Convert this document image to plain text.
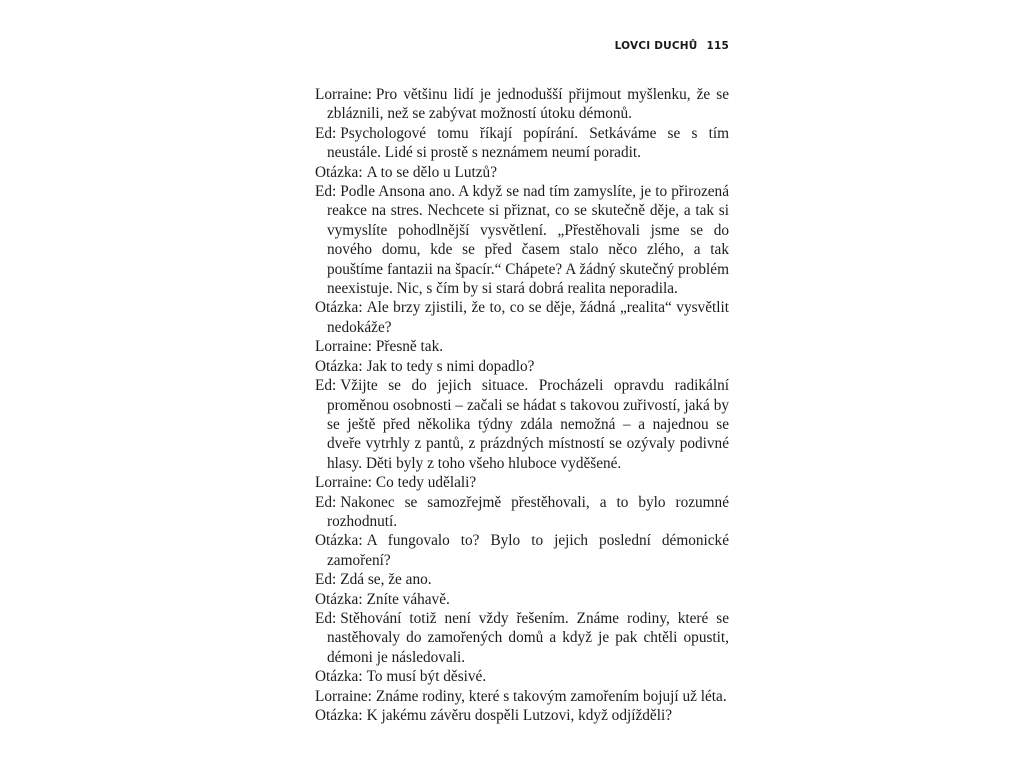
LOVCI DUCHŮ 115

Lorraine: Pro většinu lidí je jednodušší přijmout myšlenku, že se zbláznili, než se zabývat možností útoku démonů.

Ed: Psychologové tomu říkají popírání. Setkáváme se s tím neustále. Lidé si prostě s neznámem neumí poradit.

Otázka: A to se dělo u Lutzů?

Ed: Podle Ansona ano. A když se nad tím zamyslíte, je to přirozená reakce na stres. Nechcete si přiznat, co se skutečně děje, a tak si vymyslíte pohodlnější vysvětlení. „Přestěhovali jsme se do nového domu, kde se před časem stalo něco zlého, a tak pouštíme fantazii na špacír.“ Chápete? A žádný skutečný problém neexistuje. Nic, s čím by si stará dobrá realita neporadila.

Otázka: Ale brzy zjistili, že to, co se děje, žádná „realita“ vysvětlit nedokáže?

Lorraine: Přesně tak.

Otázka: Jak to tedy s nimi dopadlo?

Ed: Vžijte se do jejich situace. Procházeli opravdu radikální proměnou osobnosti – začali se hádat s takovou zuřivostí, jaká by se ještě před několika týdny zdála nemožná – a najednou se dveře vytrhly z pantů, z prázdných místností se ozývaly podivné hlasy. Děti byly z toho všeho hluboce vyděšené.

Lorraine: Co tedy udělali?

Ed: Nakonec se samozřejmě přestěhovali, a to bylo rozumné rozhodnutí.

Otázka: A fungovalo to? Bylo to jejich poslední démonické zamoření?

Ed: Zdá se, že ano.

Otázka: Zníte váhavě.

Ed: Stěhování totiž není vždy řešením. Známe rodiny, které se nastěhovaly do zamořených domů a když je pak chtěli opustit, démoni je následovali.

Otázka: To musí být děsivé.

Lorraine: Známe rodiny, které s takovým zamořením bojují už léta.

Otázka: K jakému závěru dospěli Lutzovi, když odjížděli?
